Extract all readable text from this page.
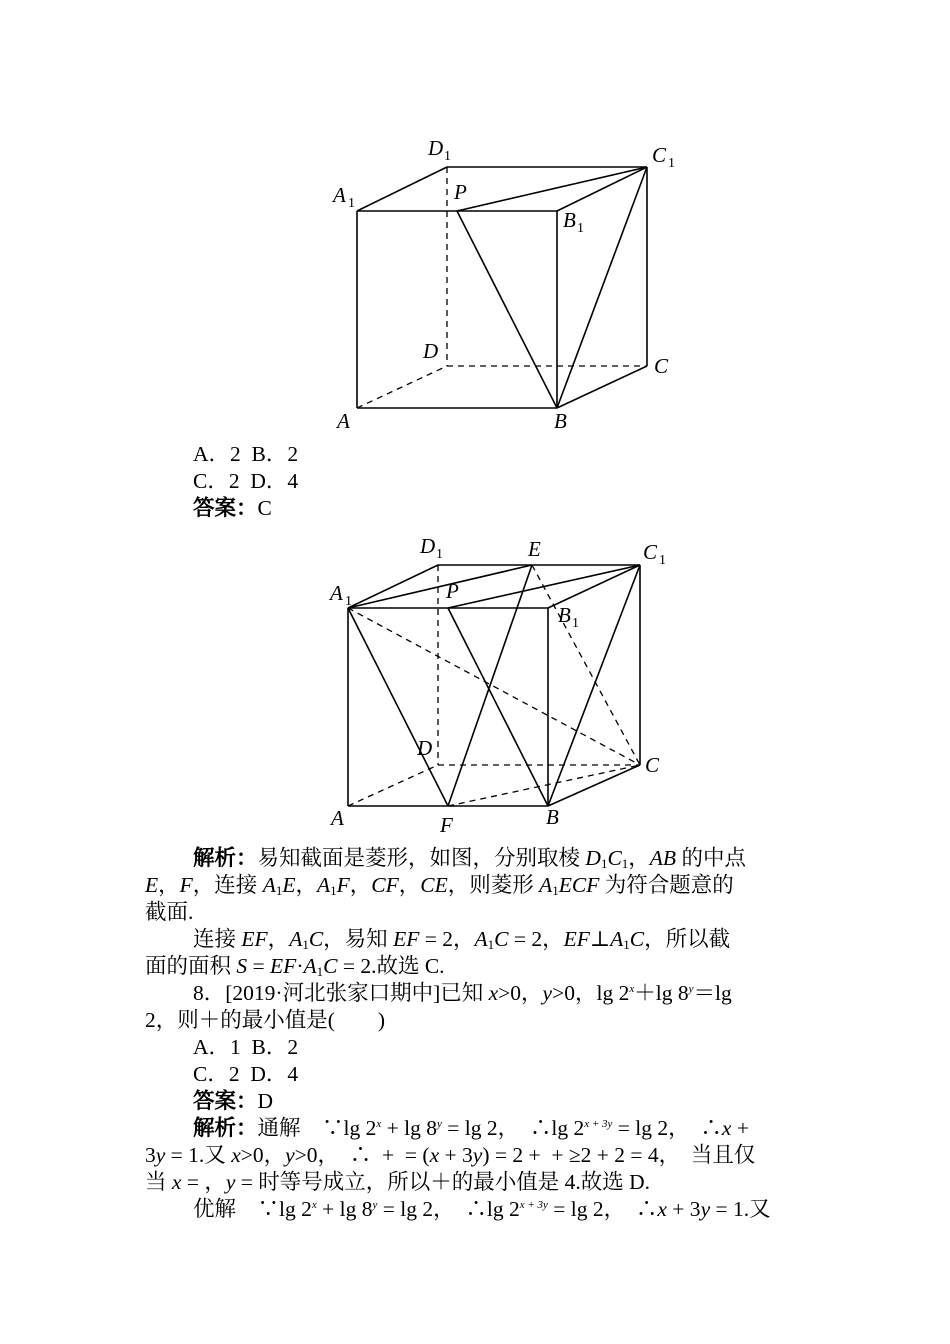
D 1	C 1
A 1	P
B 1
D
C
A	B
A．2  B．2
C．2  D．4
答案：C
D 1	E	C 1
A 1	P
B 1
D
C
A	F	B
解析：易知截面是菱形，如图，分别取棱 $D_1C_1$，AB 的中点
E，F，连接 $A_1E$，$A_1F$，CF，CE，则菱形 $A_1ECF$ 为符合题意的
截面.
连接 EF，$A_1C$，易知 EF = 2，$A_1C = 2$，$EF\perp A_1C$，所以截
面的面积 $S = EF\cdot A_1C = 2$.故选 C.
8．[2019·河北张家口期中]已知 x>0，y>0，$\lg 2^x+\lg$ $8^y=\lg$
2，则＋的最小值是(        )
A．1  B．2
C．2  D．4
答案：D
解析：通解    ∵lg $2^x + \lg 8^y = \lg 2$，  ∴lg $2^{x + 3y} = \lg 2$，  ∴x +
3y = 1.又 x>0，y>0，  ∴  +  = (x + 3y) = 2 +  + ≥2 + 2 = 4，  当且仅
当 x = ，y = 时等号成立，所以＋的最小值是 4.故选 D.
优解    ∵lg $2^x + \lg 8^y = \lg 2$，  ∴lg $2^{x + 3y} = \lg 2$，  ∴x + 3y = 1.又
